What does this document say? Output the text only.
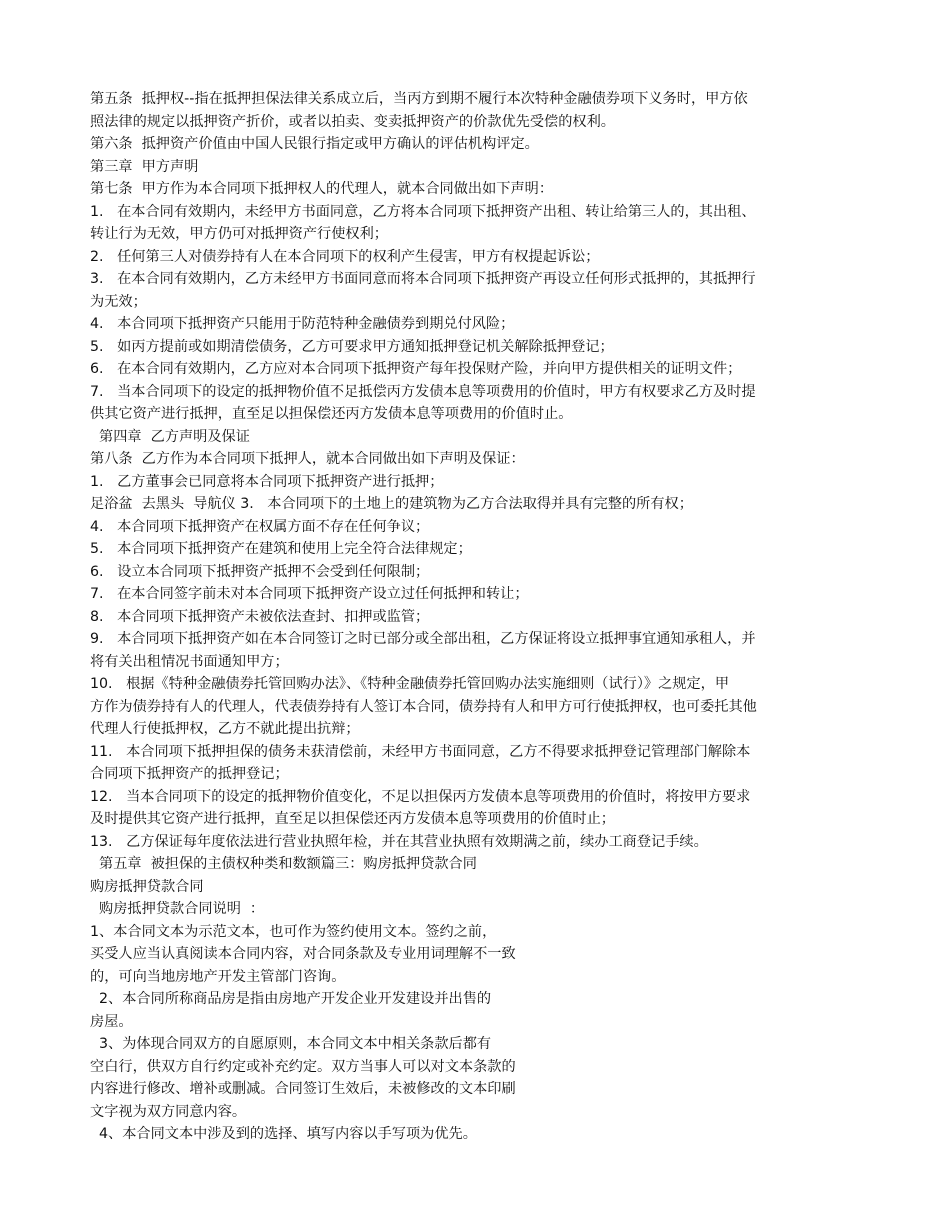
第五条  抵押权--指在抵押担保法律关系成立后，当丙方到期不履行本次特种金融债券项下义务时，甲方依

照法律的规定以抵押资产折价，或者以拍卖、变卖抵押资产的价款优先受偿的权利。

第六条  抵押资产价值由中国人民银行指定或甲方确认的评估机构评定。

第三章  甲方声明

第七条  甲方作为本合同项下抵押权人的代理人，就本合同做出如下声明：

1.   在本合同有效期内，未经甲方书面同意，乙方将本合同项下抵押资产出租、转让给第三人的，其出租、

转让行为无效，甲方仍可对抵押资产行使权利；

2.   任何第三人对债券持有人在本合同项下的权利产生侵害，甲方有权提起诉讼；

3.   在本合同有效期内，乙方未经甲方书面同意而将本合同项下抵押资产再设立任何形式抵押的，其抵押行

为无效；

4.   本合同项下抵押资产只能用于防范特种金融债券到期兑付风险；

5.   如丙方提前或如期清偿债务，乙方可要求甲方通知抵押登记机关解除抵押登记；

6.   在本合同有效期内，乙方应对本合同项下抵押资产每年投保财产险，并向甲方提供相关的证明文件；

7.   当本合同项下的设定的抵押物价值不足抵偿丙方发债本息等项费用的价值时，甲方有权要求乙方及时提

供其它资产进行抵押，直至足以担保偿还丙方发债本息等项费用的价值时止。

第四章  乙方声明及保证

第八条  乙方作为本合同项下抵押人，就本合同做出如下声明及保证：

1.   乙方董事会已同意将本合同项下抵押资产进行抵押；

足浴盆  去黑头  导航仪 3.   本合同项下的土地上的建筑物为乙方合法取得并具有完整的所有权；

4.   本合同项下抵押资产在权属方面不存在任何争议；

5.   本合同项下抵押资产在建筑和使用上完全符合法律规定；

6.   设立本合同项下抵押资产抵押不会受到任何限制；

7.   在本合同签字前未对本合同项下抵押资产设立过任何抵押和转让；

8.   本合同项下抵押资产未被依法查封、扣押或监管；

9.   本合同项下抵押资产如在本合同签订之时已部分或全部出租，乙方保证将设立抵押事宜通知承租人，并

将有关出租情况书面通知甲方；

10.   根据《特种金融债券托管回购办法》、《特种金融债券托管回购办法实施细则（试行）》之规定，甲

方作为债券持有人的代理人，代表债券持有人签订本合同，债券持有人和甲方可行使抵押权，也可委托其他

代理人行使抵押权，乙方不就此提出抗辩；

11.   本合同项下抵押担保的债务未获清偿前，未经甲方书面同意，乙方不得要求抵押登记管理部门解除本

合同项下抵押资产的抵押登记；

12.   当本合同项下的设定的抵押物价值变化，不足以担保丙方发债本息等项费用的价值时，将按甲方要求

及时提供其它资产进行抵押，直至足以担保偿还丙方发债本息等项费用的价值时止；

13.   乙方保证每年度依法进行营业执照年检，并在其营业执照有效期满之前，续办工商登记手续。

第五章  被担保的主债权种类和数额篇三：购房抵押贷款合同

购房抵押贷款合同

购房抵押贷款合同说明  ：

1、本合同文本为示范文本，也可作为签约使用文本。签约之前，

买受人应当认真阅读本合同内容，对合同条款及专业用词理解不一致

的，可向当地房地产开发主管部门咨询。

2、本合同所称商品房是指由房地产开发企业开发建设并出售的

房屋。

3、为体现合同双方的自愿原则，本合同文本中相关条款后都有

空白行，供双方自行约定或补充约定。双方当事人可以对文本条款的

内容进行修改、增补或删减。合同签订生效后，未被修改的文本印刷

文字视为双方同意内容。

4、本合同文本中涉及到的选择、填写内容以手写项为优先。
